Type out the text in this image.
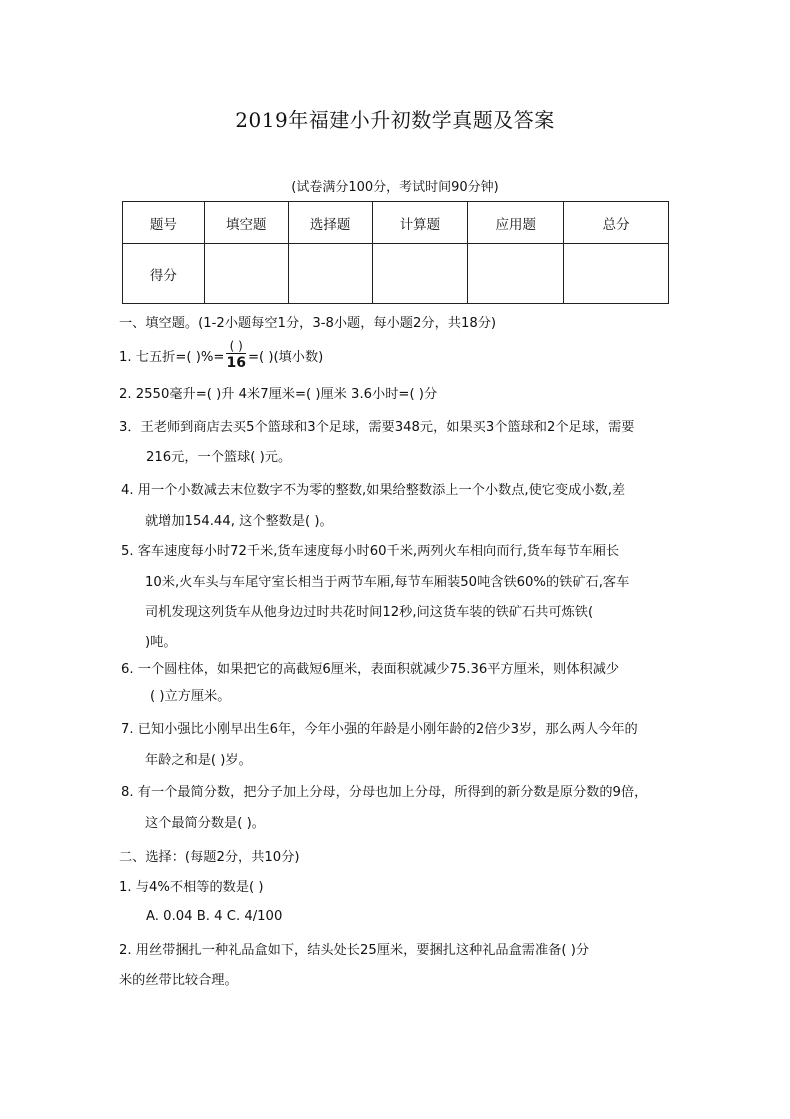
2019年福建小升初数学真题及答案
(试卷满分100分，考试时间90分钟)
题号	填空题	选择题	计算题	应用题	总分
得分					
一、填空题。(1-2小题每空1分，3-8小题，每小题2分，共18分)
1. 七五折=( )%= $\frac{( )}{16}$ =( )(填小数)
2. 2550毫升=( )升 4米7厘米=( )厘米 3.6小时=( )分
3．王老师到商店去买5个篮球和3个足球，需要348元，如果买3个篮球和2个足球，需要
216元，一个篮球( )元。
4. 用一个小数减去末位数字不为零的整数,如果给整数添上一个小数点,使它变成小数,差
就增加154.44, 这个整数是( )。
5. 客车速度每小时72千米,货车速度每小时60千米,两列火车相向而行,货车每节车厢长
10米,火车头与车尾守室长相当于两节车厢,每节车厢装50吨含铁60%的铁矿石,客车
司机发现这列货车从他身边过时共花时间12秒,问这货车装的铁矿石共可炼铁(
)吨。
6. 一个圆柱体，如果把它的高截短6厘米，表面积就减少75.36平方厘米，则体积减少
( )立方厘米。
7. 已知小强比小刚早出生6年，今年小强的年龄是小刚年龄的2倍少3岁，那么两人今年的
年龄之和是( )岁。
8. 有一个最简分数，把分子加上分母，分母也加上分母，所得到的新分数是原分数的9倍，
这个最简分数是( )。
二、选择：(每题2分，共10分)
1. 与4%不相等的数是( )
A. 0.04 B. 4 C. 4/100
2. 用丝带捆扎一种礼品盒如下，结头处长25厘米，要捆扎这种礼品盒需准备( )分
米的丝带比较合理。
